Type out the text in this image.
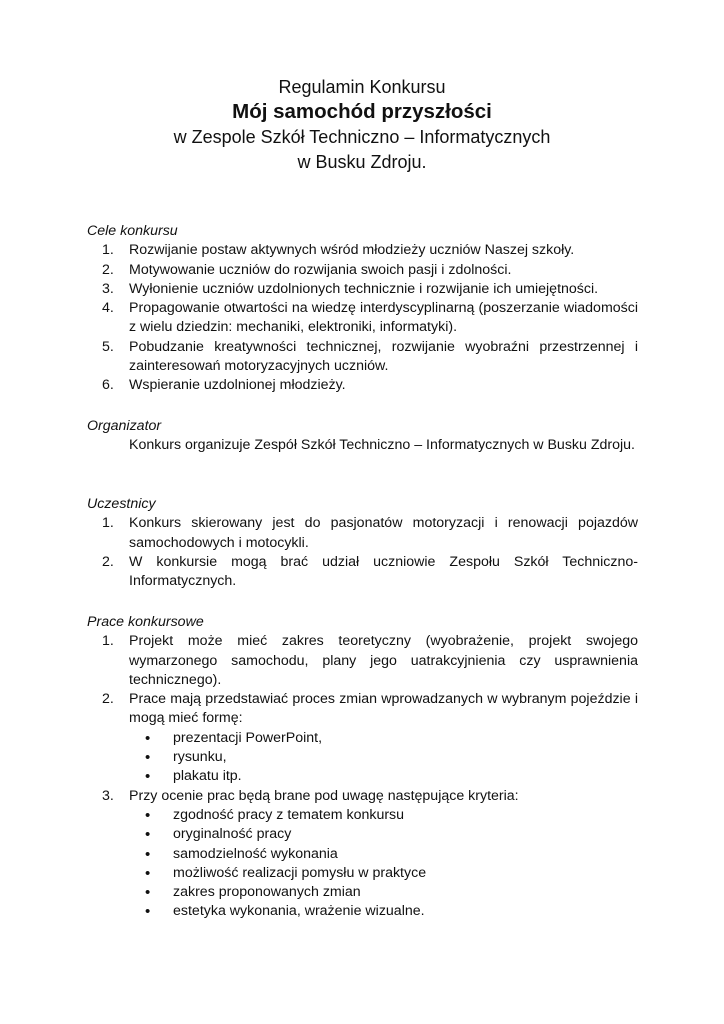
Regulamin Konkursu

Mój samochód przyszłości

w Zespole Szkół Techniczno – Informatycznych

w Busku Zdroju.

Cele konkursu

1. Rozwijanie postaw aktywnych wśród młodzieży uczniów Naszej szkoły.
2. Motywowanie uczniów do rozwijania swoich pasji i zdolności.
3. Wyłonienie uczniów uzdolnionych technicznie i rozwijanie ich umiejętności.
4. Propagowanie otwartości na wiedzę interdyscyplinarną (poszerzanie wiadomości z wielu dziedzin: mechaniki, elektroniki, informatyki).
5. Pobudzanie kreatywności technicznej, rozwijanie wyobraźni przestrzennej i zainteresowań motoryzacyjnych uczniów.
6. Wspieranie uzdolnionej młodzieży.

Organizator

Konkurs organizuje Zespół Szkół Techniczno – Informatycznych w Busku Zdroju.

Uczestnicy

1. Konkurs skierowany jest do pasjonatów motoryzacji i renowacji pojazdów samochodowych i motocykli.
2. W konkursie mogą brać udział uczniowie Zespołu Szkół Techniczno-Informatycznych.

Prace konkursowe

1. Projekt może mieć zakres teoretyczny (wyobrażenie, projekt swojego wymarzonego samochodu, plany jego uatrakcyjnienia czy usprawnienia technicznego).
2. Prace mają przedstawiać proces zmian wprowadzanych w wybranym pojeździe i mogą mieć formę:
• prezentacji PowerPoint,
• rysunku,
• plakatu itp.
3. Przy ocenie prac będą brane pod uwagę następujące kryteria:
• zgodność pracy z tematem konkursu
• oryginalność pracy
• samodzielność wykonania
• możliwość realizacji pomysłu w praktyce
• zakres proponowanych zmian
• estetyka wykonania, wrażenie wizualne.
